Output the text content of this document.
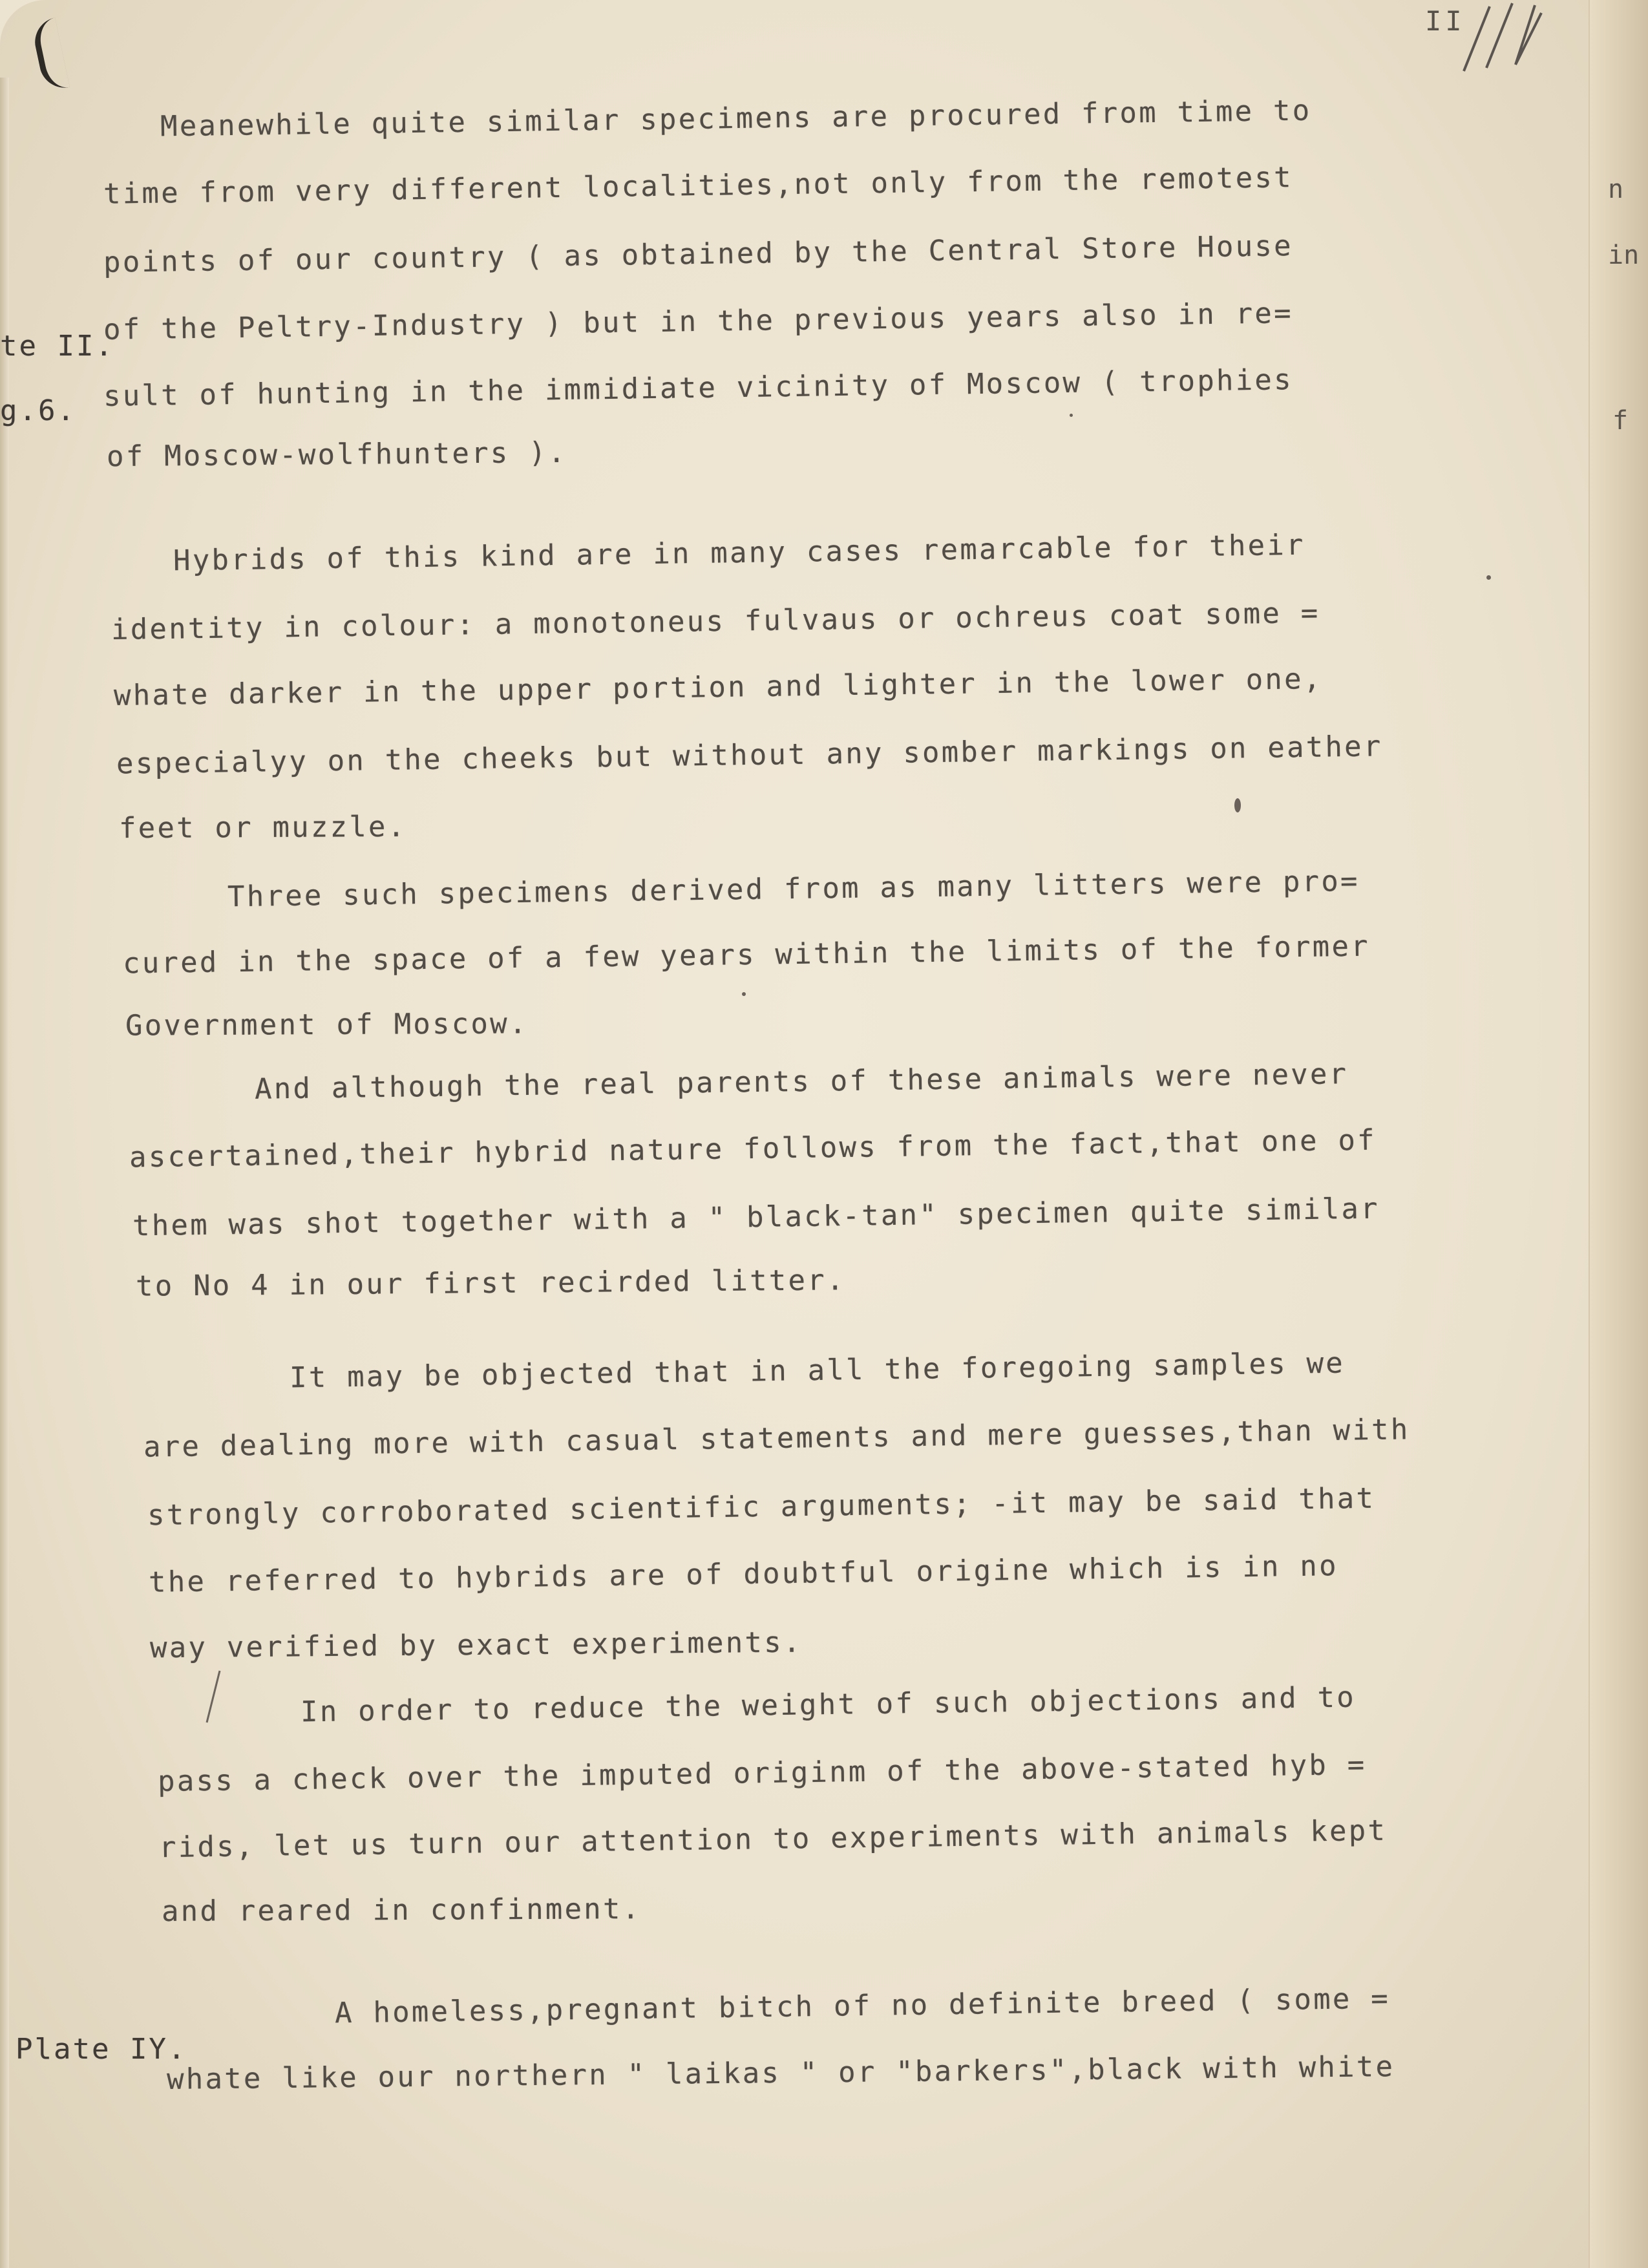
II
n
in
f
te II.
g.6.
Plate IY.
Meanewhile quite similar specimens are procured from time to
time from very different localities,not only from the remotest
points of our country ( as obtained by the Central Store House
of the Peltry-Industry ) but in the previous years also in re=
sult of hunting in the immidiate vicinity of Moscow ( trophies
of Moscow-wolfhunters ).
Hybrids of this kind are in many cases remarcable for their
identity in colour: a monotoneus fulvaus or ochreus coat some =
whate darker in the upper portion and lighter in the lower one,
especialyy on the cheeks but without any somber markings on eather
feet or muzzle.
Three such specimens derived from as many litters were pro=
cured in the space of a few years within the limits of the former
Government of Moscow.
And although the real parents of these animals were never
ascertained,their hybrid nature follows from the fact,that one of
them was shot together with a " black-tan" specimen quite similar
to No 4 in our first recirded litter.
It may be objected that in all the foregoing samples we
are dealing more with casual statements and mere guesses,than with
strongly corroborated scientific arguments; -it may be said that
the referred to hybrids are of doubtful origine which is in no
way verified by exact experiments.
In order to reduce the weight of such objections and to
pass a check over the imputed originm of the above-stated hyb =
rids, let us turn our attention to experiments with animals kept
and reared in confinment.
A homeless,pregnant bitch of no definite breed ( some =
whate like our northern " laikas " or "barkers",black with white
